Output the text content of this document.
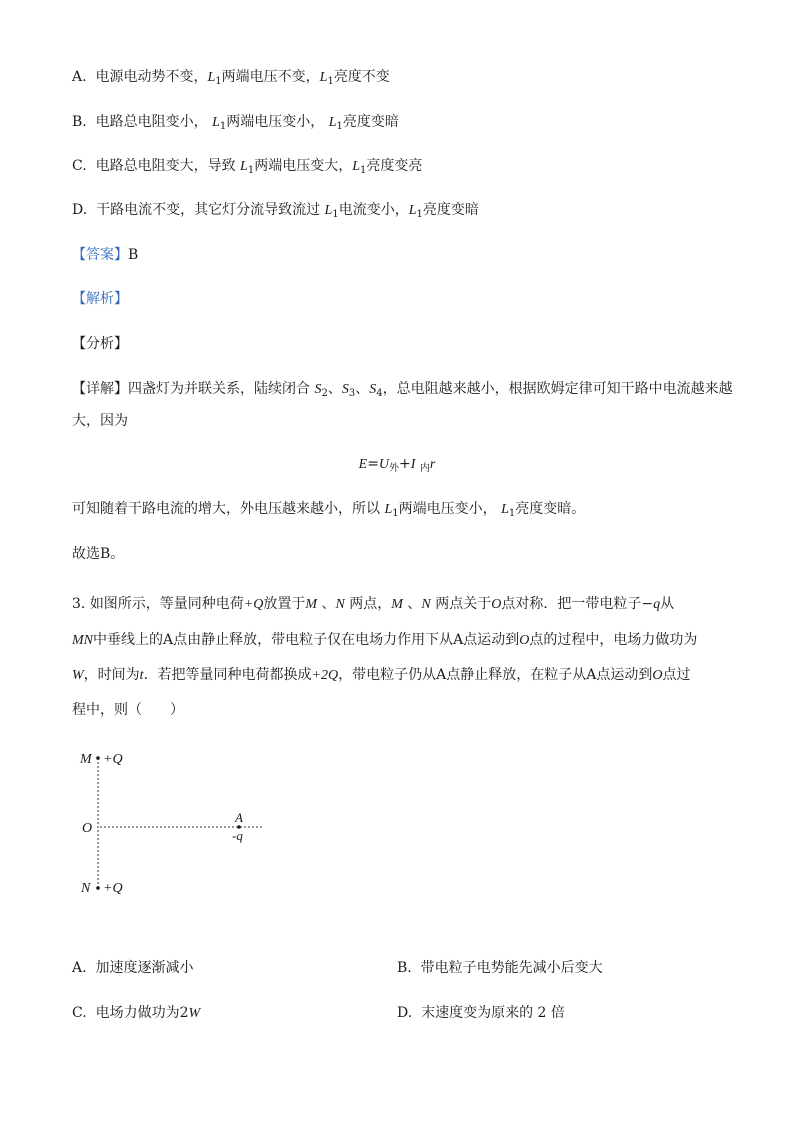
A. 电源电动势不变，$L_1$两端电压不变，$L_1$亮度不变
B. 电路总电阻变小， $L_1$两端电压变小， $L_1$亮度变暗
C. 电路总电阻变大，导致 $L_1$两端电压变大，$L_1$亮度变亮
D. 干路电流不变，其它灯分流导致流过 $L_1$电流变小，$L_1$亮度变暗
【答案】B
【解析】
【分析】
【详解】四盏灯为并联关系，陆续闭合 $S_2$、$S_3$、$S_4$，总电阻越来越小，根据欧姆定律可知干路中电流越来越
大，因为
$E=U_外+I$ $_内$r
可知随着干路电流的增大，外电压越来越小，所以 $L_1$两端电压变小， $L_1$亮度变暗。
故选B。
3. 如图所示，等量同种电荷+Q放置于M 、N 两点，M 、N 两点关于O点对称．把一带电粒子−q从
MN中垂线上的A点由静止释放，带电粒子仅在电场力作用下从A点运动到O点的过程中，电场力做功为
W，时间为t．若把等量同种电荷都换成+2Q，带电粒子仍从A点静止释放，在粒子从A点运动到O点过
程中，则（　　）
M +Q
O
N +Q
A
-q
A. 加速度逐渐减小	B. 带电粒子电势能先减小后变大
C. 电场力做功为2W	D. 末速度变为原来的 2 倍
